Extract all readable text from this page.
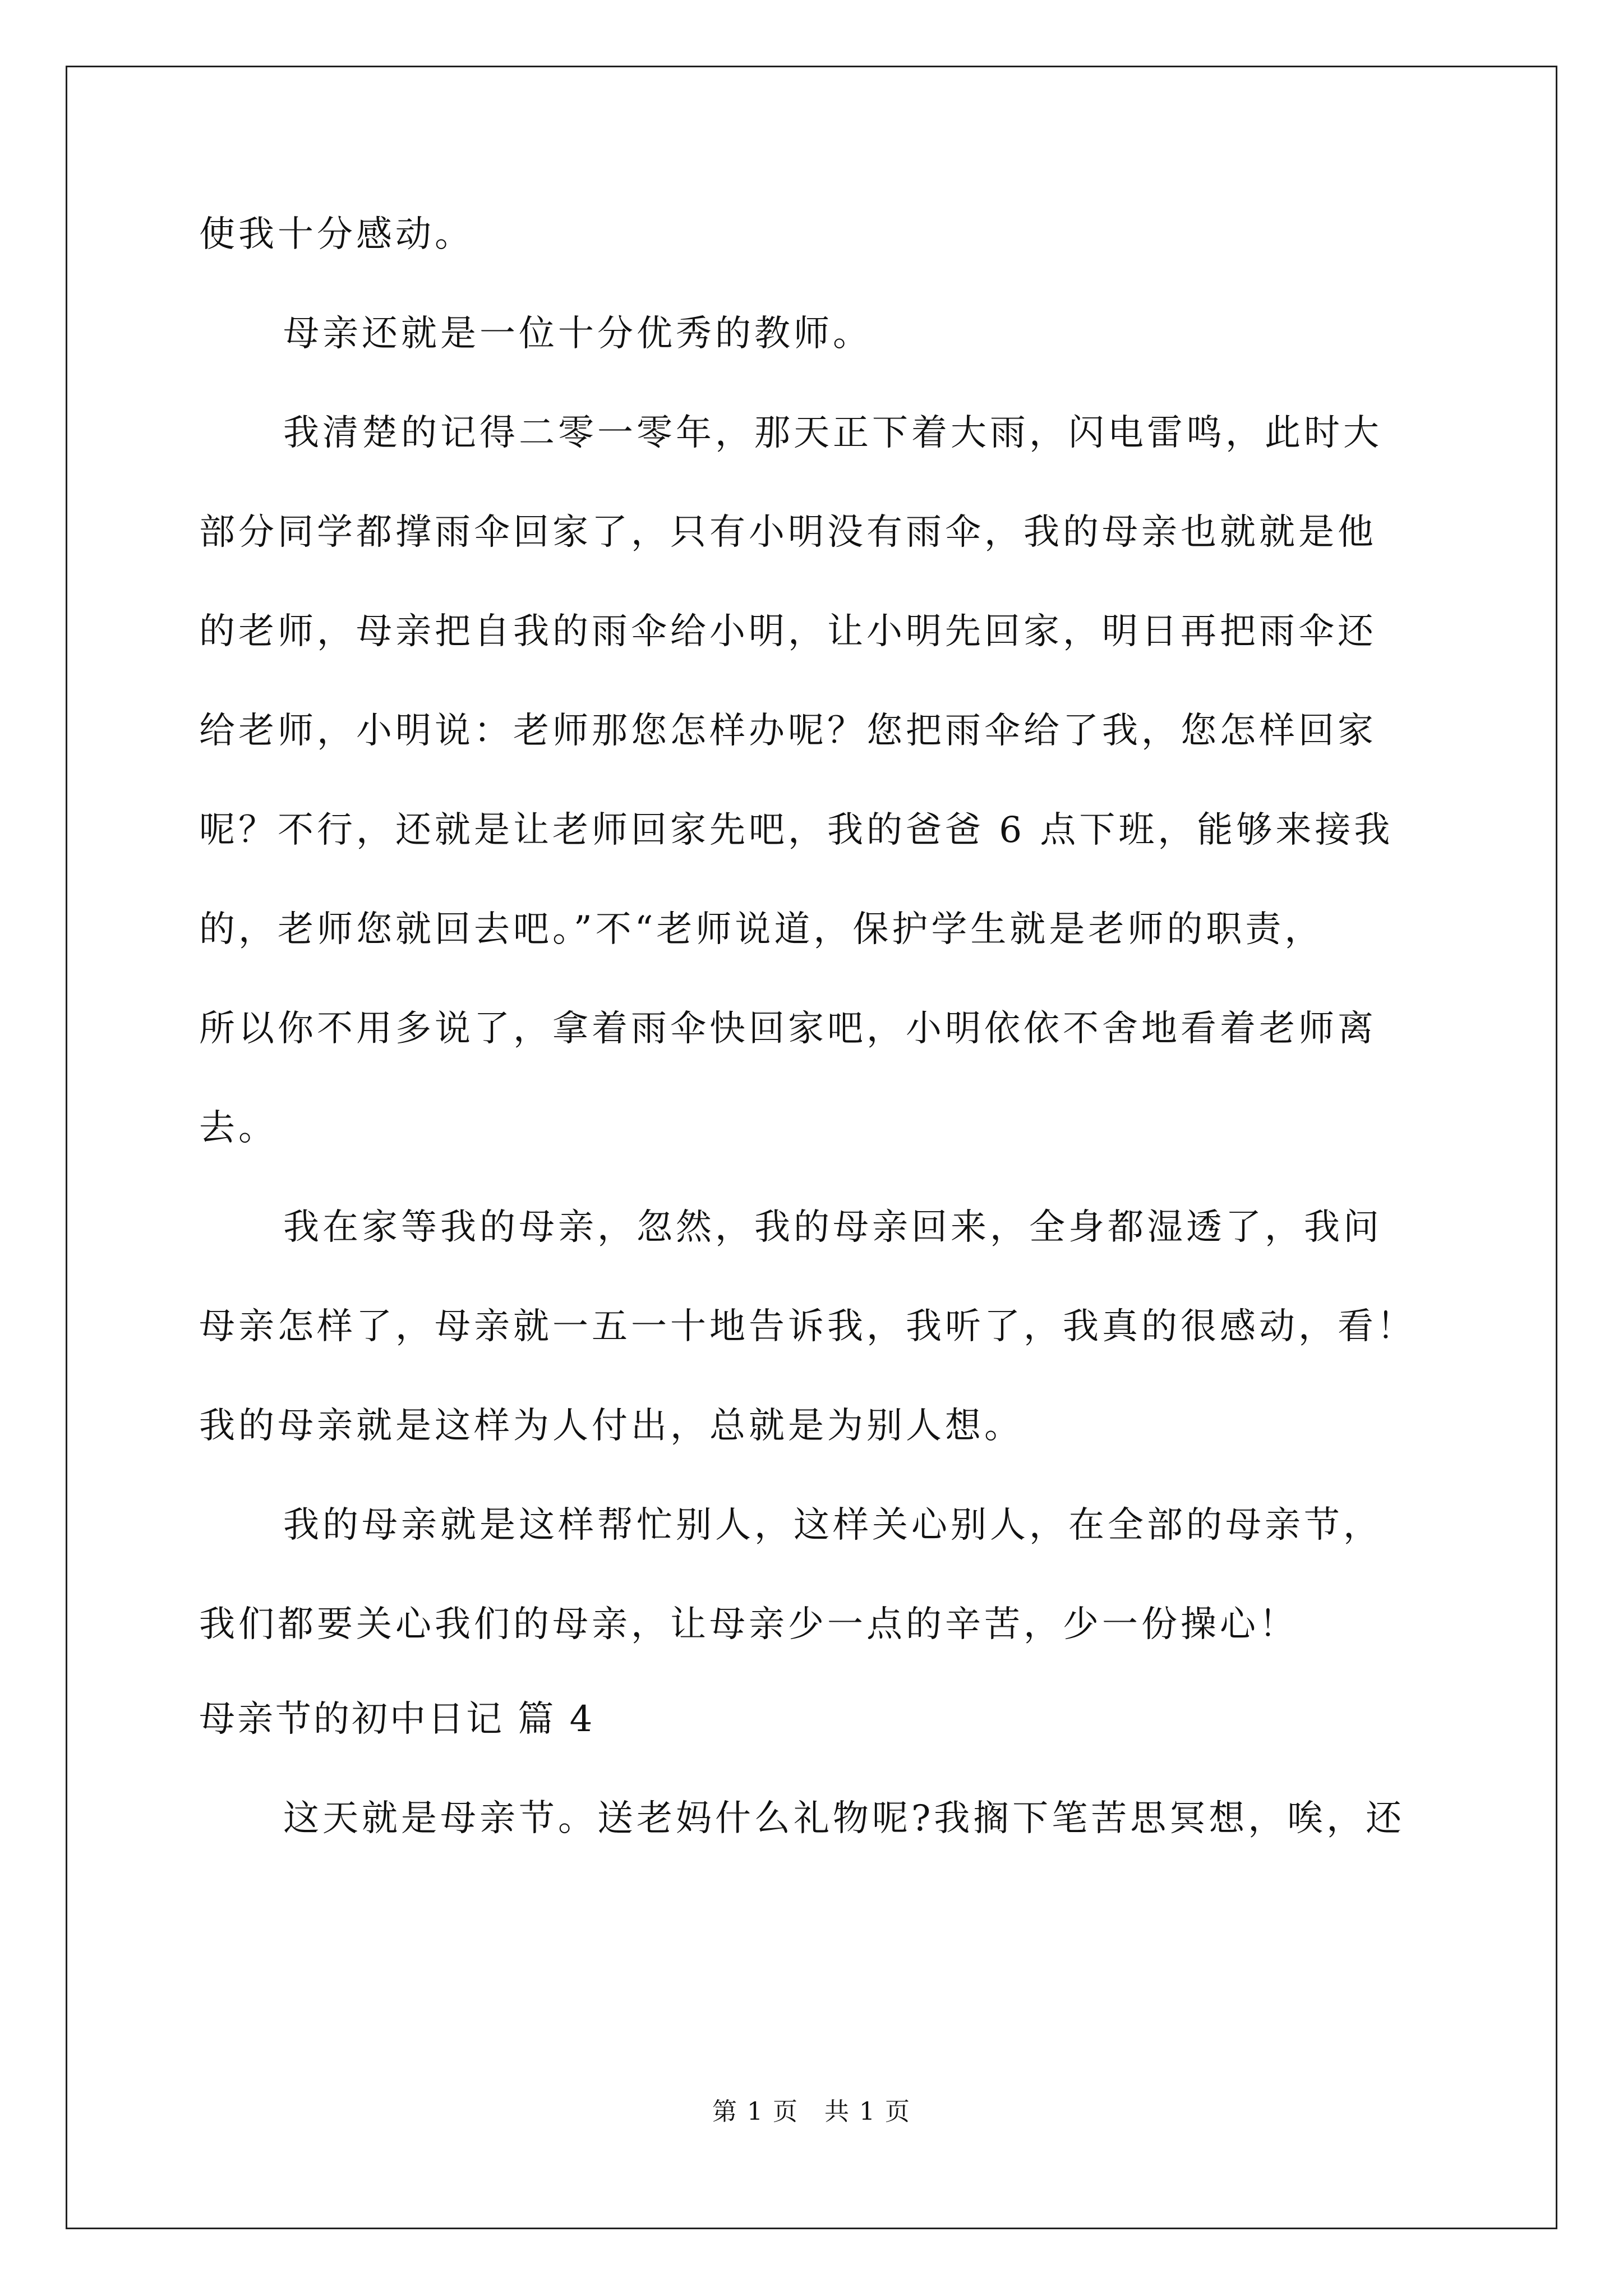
使我十分感动。
母亲还就是一位十分优秀的教师。
我清楚的记得二零一零年，那天正下着大雨，闪电雷鸣，此时大
部分同学都撑雨伞回家了，只有小明没有雨伞，我的母亲也就就是他
的老师，母亲把自我的雨伞给小明，让小明先回家，明日再把雨伞还
给老师，小明说：老师那您怎样办呢？您把雨伞给了我，您怎样回家
呢？不行，还就是让老师回家先吧，我的爸爸 6 点下班，能够来接我
的，老师您就回去吧。”不“老师说道，保护学生就是老师的职责，
所以你不用多说了，拿着雨伞快回家吧，小明依依不舍地看着老师离
去。
我在家等我的母亲，忽然，我的母亲回来，全身都湿透了，我问
母亲怎样了，母亲就一五一十地告诉我，我听了，我真的很感动，看！
我的母亲就是这样为人付出，总就是为别人想。
我的母亲就是这样帮忙别人，这样关心别人，在全部的母亲节，
我们都要关心我们的母亲，让母亲少一点的辛苦，少一份操心！
母亲节的初中日记 篇 4
这天就是母亲节。送老妈什么礼物呢?我搁下笔苦思冥想，唉，还
第 1 页　共 1 页
